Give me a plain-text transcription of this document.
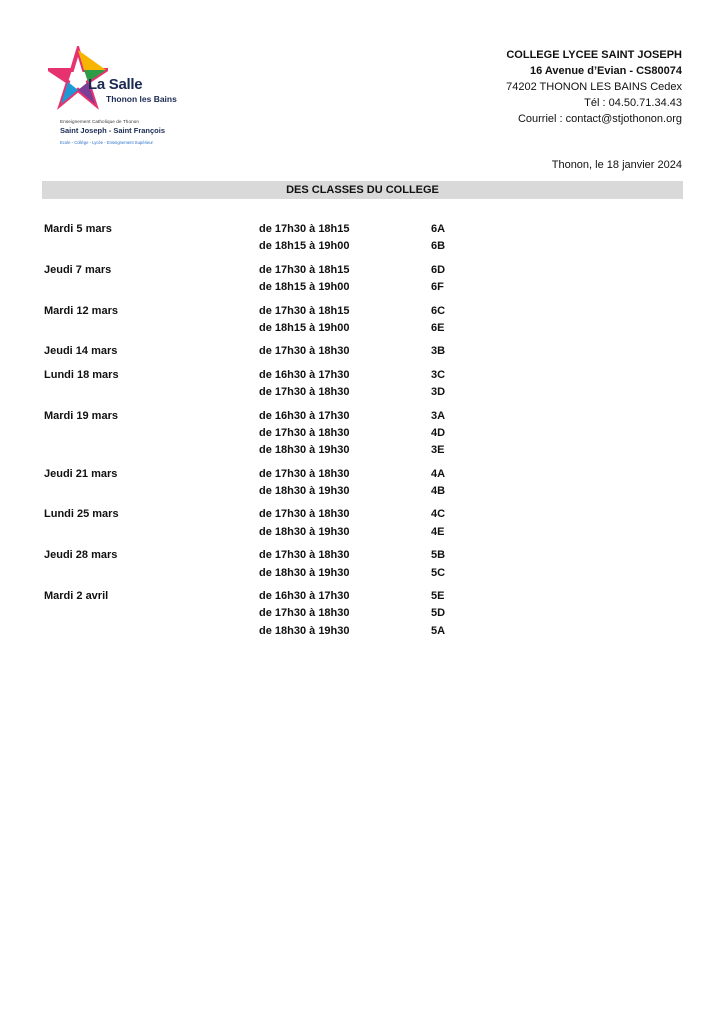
La Salle
Thonon les Bains
Enseignement Catholique de Thonon
Saint Joseph - Saint François
Ecole - Collège - Lycée - Enseignement Supérieur
COLLEGE LYCEE SAINT JOSEPH
16 Avenue d’Evian - CS80074
74202 THONON LES BAINS Cedex
Tél : 04.50.71.34.43
Courriel : contact@stjothonon.org
Thonon, le 18 janvier 2024
DES CLASSES DU COLLEGE
Mardi 5 mars	de 17h30 à 18h15	6A
de 18h15 à 19h00	6B
Jeudi 7 mars	de 17h30 à 18h15	6D
de 18h15 à 19h00	6F
Mardi 12 mars	de 17h30 à 18h15	6C
de 18h15 à 19h00	6E
Jeudi 14 mars	de 17h30 à 18h30	3B
Lundi 18 mars	de 16h30 à 17h30	3C
de 17h30 à 18h30	3D
Mardi 19 mars	de 16h30 à 17h30	3A
de 17h30 à 18h30	4D
de 18h30 à 19h30	3E
Jeudi 21 mars	de 17h30 à 18h30	4A
de 18h30 à 19h30	4B
Lundi 25 mars	de 17h30 à 18h30	4C
de 18h30 à 19h30	4E
Jeudi 28 mars	de 17h30 à 18h30	5B
de 18h30 à 19h30	5C
Mardi 2 avril	de 16h30 à 17h30	5E
de 17h30 à 18h30	5D
de 18h30 à 19h30	5A
